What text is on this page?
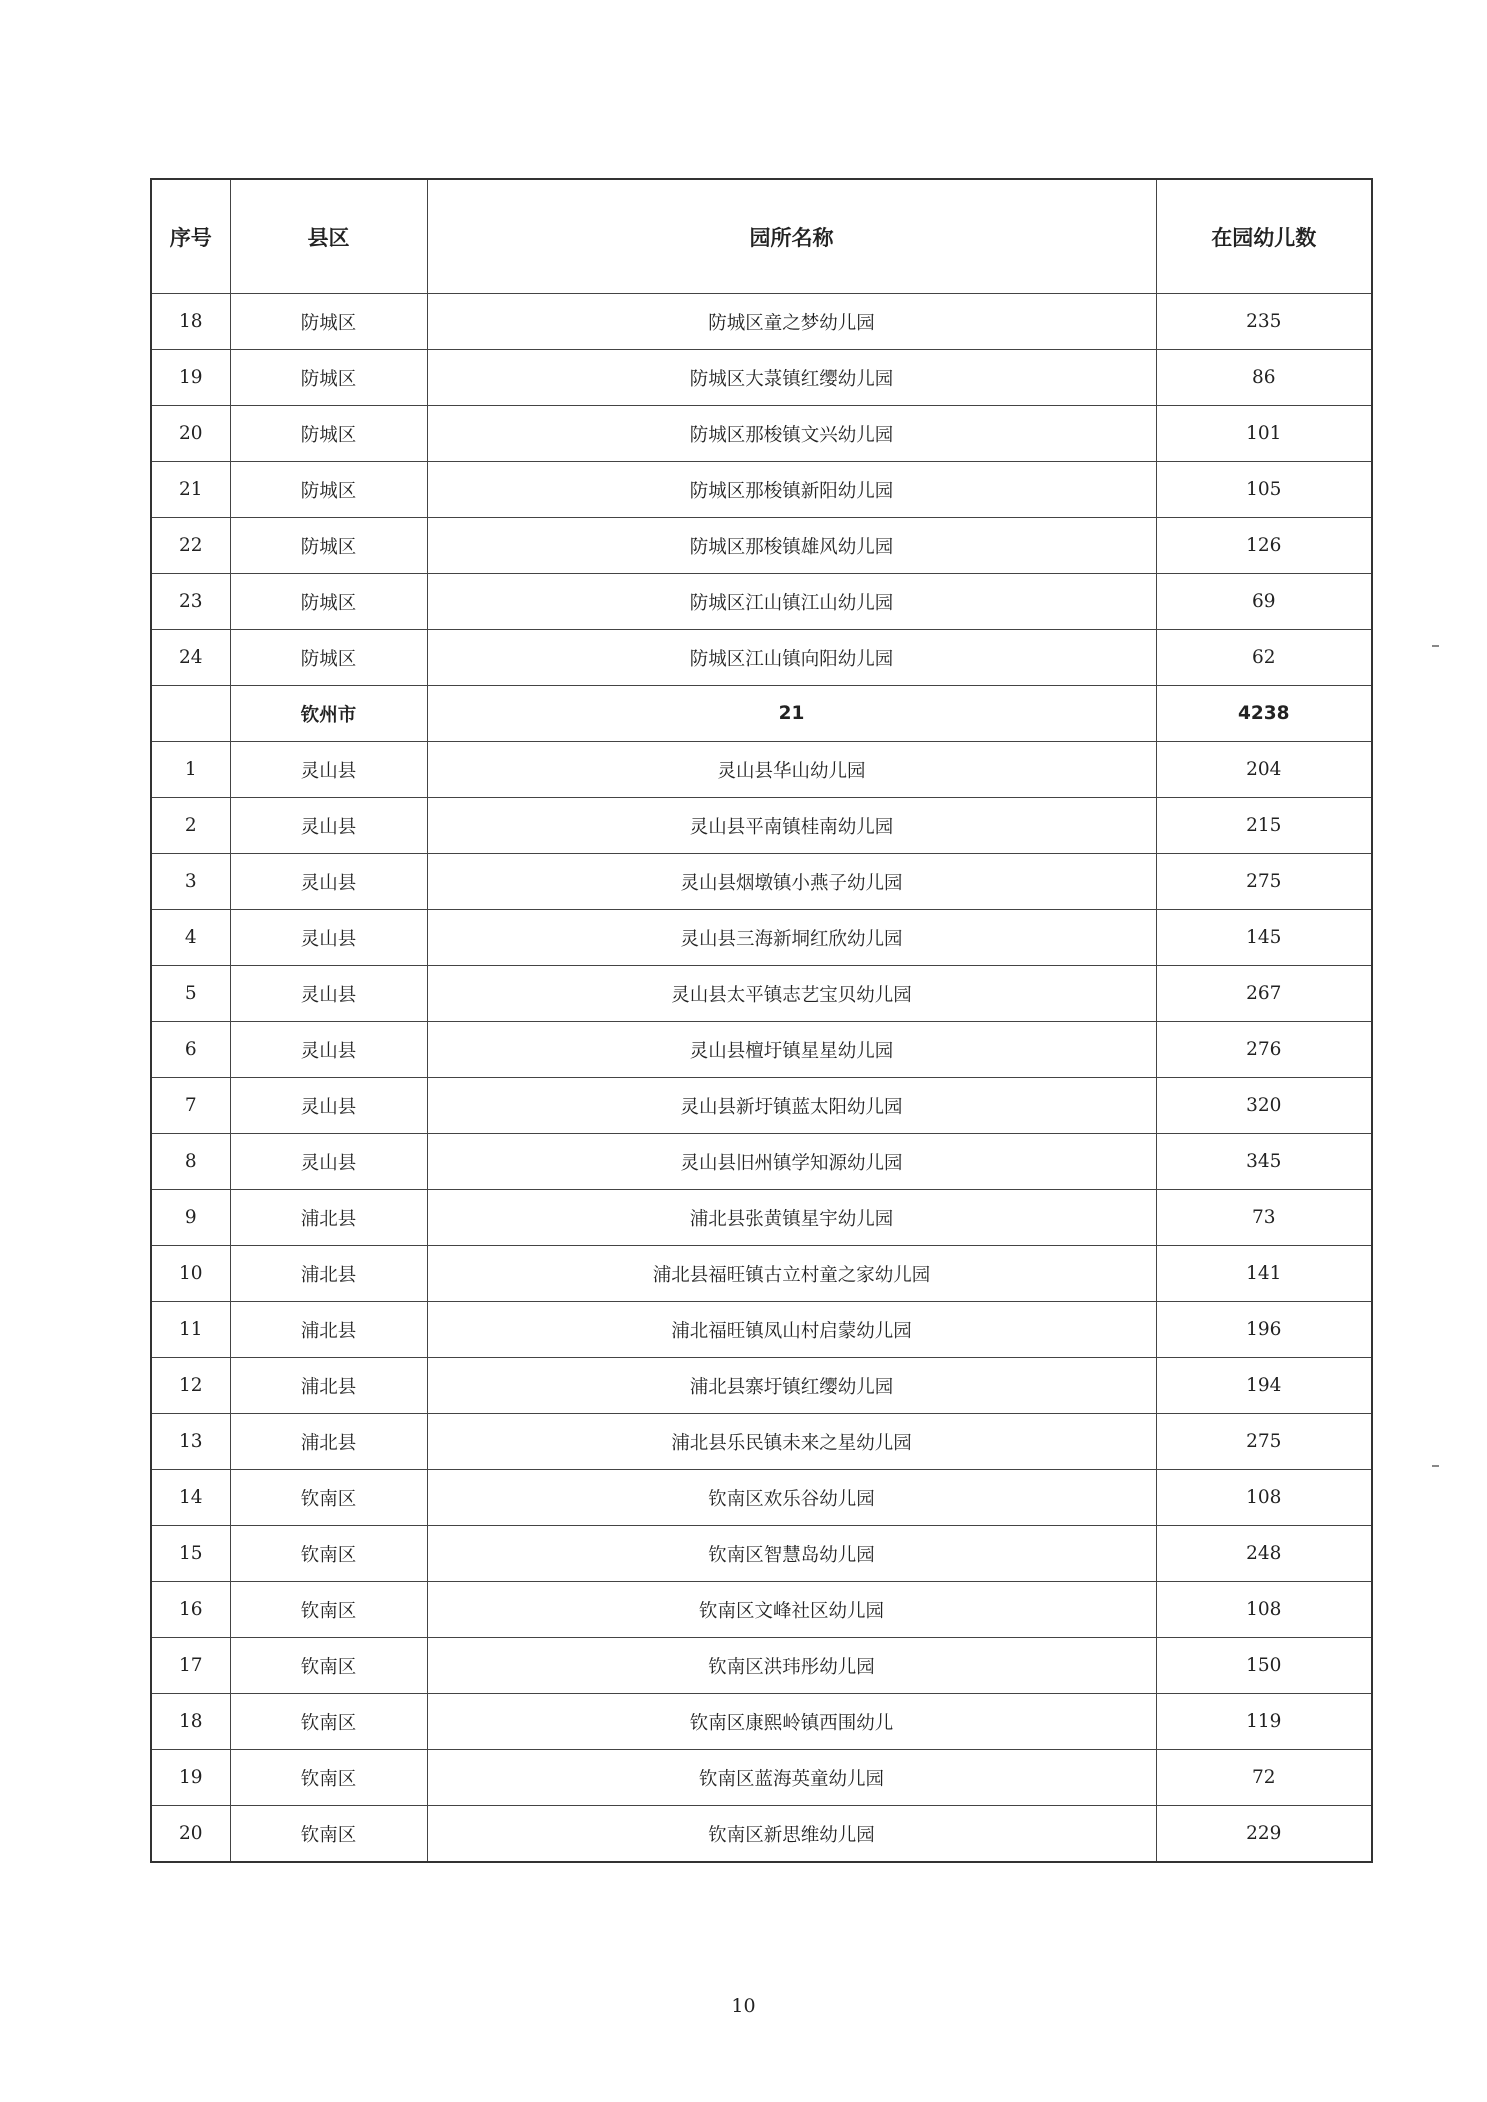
序号	县区	园所名称	在园幼儿数
18	防城区	防城区童之梦幼儿园	235
19	防城区	防城区大菉镇红缨幼儿园	86
20	防城区	防城区那梭镇文兴幼儿园	101
21	防城区	防城区那梭镇新阳幼儿园	105
22	防城区	防城区那梭镇雄风幼儿园	126
23	防城区	防城区江山镇江山幼儿园	69
24	防城区	防城区江山镇向阳幼儿园	62
	钦州市	21	4238
1	灵山县	灵山县华山幼儿园	204
2	灵山县	灵山县平南镇桂南幼儿园	215
3	灵山县	灵山县烟墩镇小燕子幼儿园	275
4	灵山县	灵山县三海新垌红欣幼儿园	145
5	灵山县	灵山县太平镇志艺宝贝幼儿园	267
6	灵山县	灵山县檀圩镇星星幼儿园	276
7	灵山县	灵山县新圩镇蓝太阳幼儿园	320
8	灵山县	灵山县旧州镇学知源幼儿园	345
9	浦北县	浦北县张黄镇星宇幼儿园	73
10	浦北县	浦北县福旺镇古立村童之家幼儿园	141
11	浦北县	浦北福旺镇凤山村启蒙幼儿园	196
12	浦北县	浦北县寨圩镇红缨幼儿园	194
13	浦北县	浦北县乐民镇未来之星幼儿园	275
14	钦南区	钦南区欢乐谷幼儿园	108
15	钦南区	钦南区智慧岛幼儿园	248
16	钦南区	钦南区文峰社区幼儿园	108
17	钦南区	钦南区洪玮彤幼儿园	150
18	钦南区	钦南区康熙岭镇西围幼儿	119
19	钦南区	钦南区蓝海英童幼儿园	72
20	钦南区	钦南区新思维幼儿园	229
10
